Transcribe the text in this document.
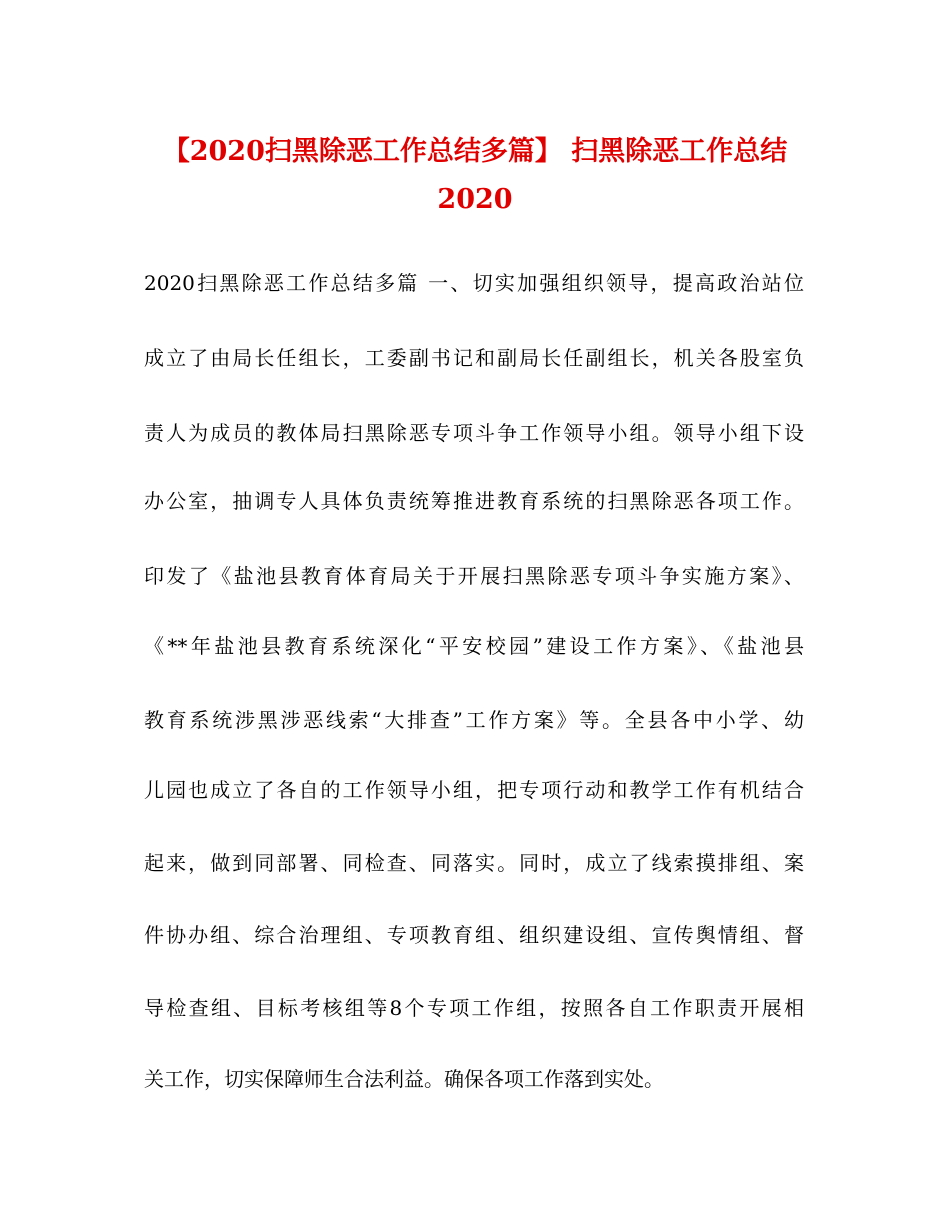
【2020扫黑除恶工作总结多篇】 扫黑除恶工作总结
2020
2020扫黑除恶工作总结多篇 一、切实加强组织领导，提高政治站位
成立了由局长任组长，工委副书记和副局长任副组长，机关各股室负
责人为成员的教体局扫黑除恶专项斗争工作领导小组。领导小组下设
办公室，抽调专人具体负责统筹推进教育系统的扫黑除恶各项工作。
印发了《盐池县教育体育局关于开展扫黑除恶专项斗争实施方案》、
《**年盐池县教育系统深化“平安校园”建设工作方案》、《盐池县
教育系统涉黑涉恶线索“大排查”工作方案》等。全县各中小学、幼
儿园也成立了各自的工作领导小组，把专项行动和教学工作有机结合
起来，做到同部署、同检查、同落实。同时，成立了线索摸排组、案
件协办组、综合治理组、专项教育组、组织建设组、宣传舆情组、督
导检查组、目标考核组等8个专项工作组，按照各自工作职责开展相
关工作，切实保障师生合法利益。确保各项工作落到实处。
